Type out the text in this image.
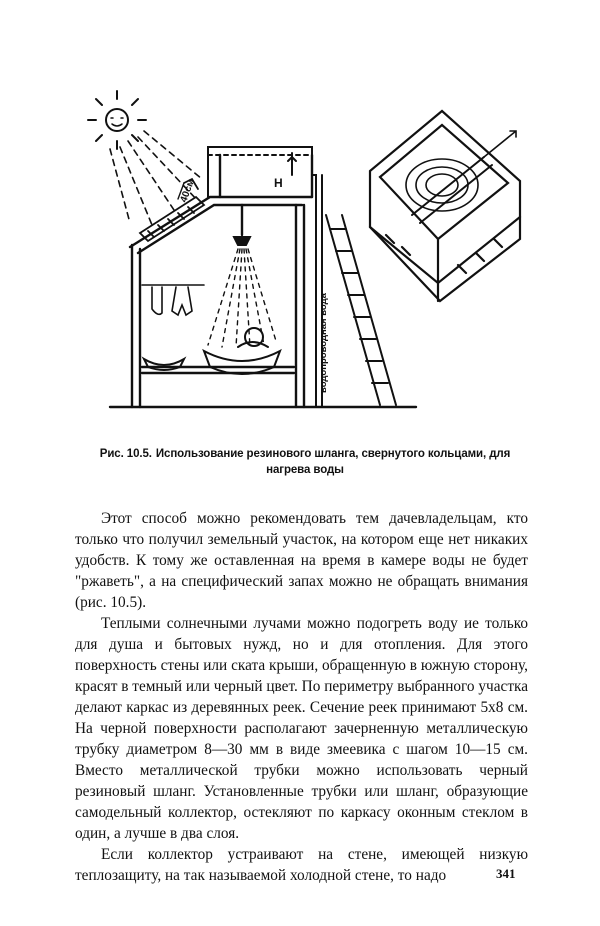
40см	H
водопроводная вода
Рис. 10.5. Использование резинового шланга, свернутого кольцами, для нагрева воды

Этот способ можно рекомендовать тем дачевладельцам, кто только что получил земельный участок, на котором еще нет никаких удобств. К тому же оставленная на время в камере воды не будет "ржаветь", а на специфический запах можно не обращать внимания (рис. 10.5).

Теплыми солнечными лучами можно подогреть воду ие только для душа и бытовых нужд, но и для отопления. Для этого поверхность стены или ската крыши, обращенную в южную сторону, красят в темный или черный цвет. По периметру выбранного участка делают каркас из деревянных реек. Сечение реек принимают 5х8 см. На черной поверхности располагают зачерненную металлическую трубку диаметром 8—30 мм в виде змеевика с шагом 10—15 см. Вместо металлической трубки можно использовать черный резиновый шланг. Установленные трубки или шланг, образующие самодельный коллектор, остекляют по каркасу оконным стеклом в один, а лучше в два слоя.

Если коллектор устраивают на стене, имеющей низкую теплозащиту, на так называемой холодной стене, то надо	341
